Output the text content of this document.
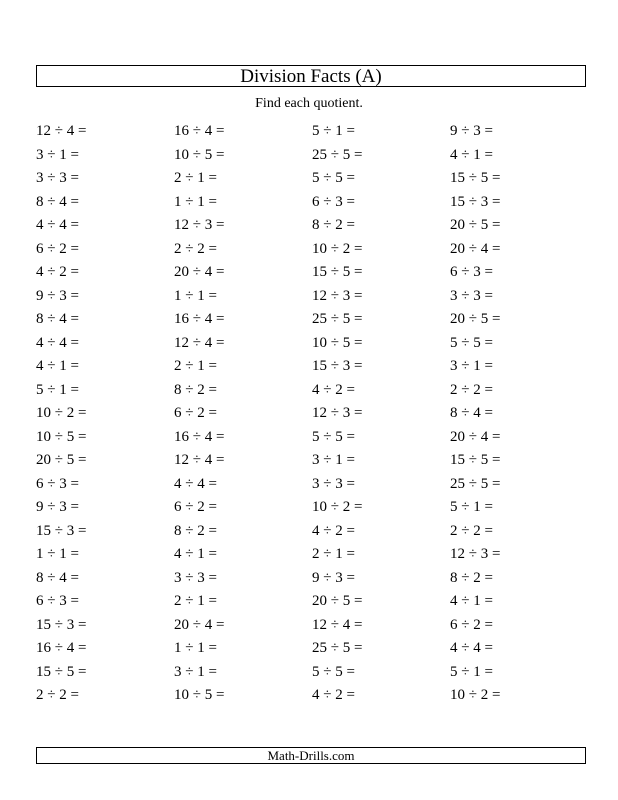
Division Facts (A)
Find each quotient.
12 ÷ 4 =	16 ÷ 4 =	5 ÷ 1 =	9 ÷ 3 =
3 ÷ 1 =	10 ÷ 5 =	25 ÷ 5 =	4 ÷ 1 =
3 ÷ 3 =	2 ÷ 1 =	5 ÷ 5 =	15 ÷ 5 =
8 ÷ 4 =	1 ÷ 1 =	6 ÷ 3 =	15 ÷ 3 =
4 ÷ 4 =	12 ÷ 3 =	8 ÷ 2 =	20 ÷ 5 =
6 ÷ 2 =	2 ÷ 2 =	10 ÷ 2 =	20 ÷ 4 =
4 ÷ 2 =	20 ÷ 4 =	15 ÷ 5 =	6 ÷ 3 =
9 ÷ 3 =	1 ÷ 1 =	12 ÷ 3 =	3 ÷ 3 =
8 ÷ 4 =	16 ÷ 4 =	25 ÷ 5 =	20 ÷ 5 =
4 ÷ 4 =	12 ÷ 4 =	10 ÷ 5 =	5 ÷ 5 =
4 ÷ 1 =	2 ÷ 1 =	15 ÷ 3 =	3 ÷ 1 =
5 ÷ 1 =	8 ÷ 2 =	4 ÷ 2 =	2 ÷ 2 =
10 ÷ 2 =	6 ÷ 2 =	12 ÷ 3 =	8 ÷ 4 =
10 ÷ 5 =	16 ÷ 4 =	5 ÷ 5 =	20 ÷ 4 =
20 ÷ 5 =	12 ÷ 4 =	3 ÷ 1 =	15 ÷ 5 =
6 ÷ 3 =	4 ÷ 4 =	3 ÷ 3 =	25 ÷ 5 =
9 ÷ 3 =	6 ÷ 2 =	10 ÷ 2 =	5 ÷ 1 =
15 ÷ 3 =	8 ÷ 2 =	4 ÷ 2 =	2 ÷ 2 =
1 ÷ 1 =	4 ÷ 1 =	2 ÷ 1 =	12 ÷ 3 =
8 ÷ 4 =	3 ÷ 3 =	9 ÷ 3 =	8 ÷ 2 =
6 ÷ 3 =	2 ÷ 1 =	20 ÷ 5 =	4 ÷ 1 =
15 ÷ 3 =	20 ÷ 4 =	12 ÷ 4 =	6 ÷ 2 =
16 ÷ 4 =	1 ÷ 1 =	25 ÷ 5 =	4 ÷ 4 =
15 ÷ 5 =	3 ÷ 1 =	5 ÷ 5 =	5 ÷ 1 =
2 ÷ 2 =	10 ÷ 5 =	4 ÷ 2 =	10 ÷ 2 =
Math-Drills.com
